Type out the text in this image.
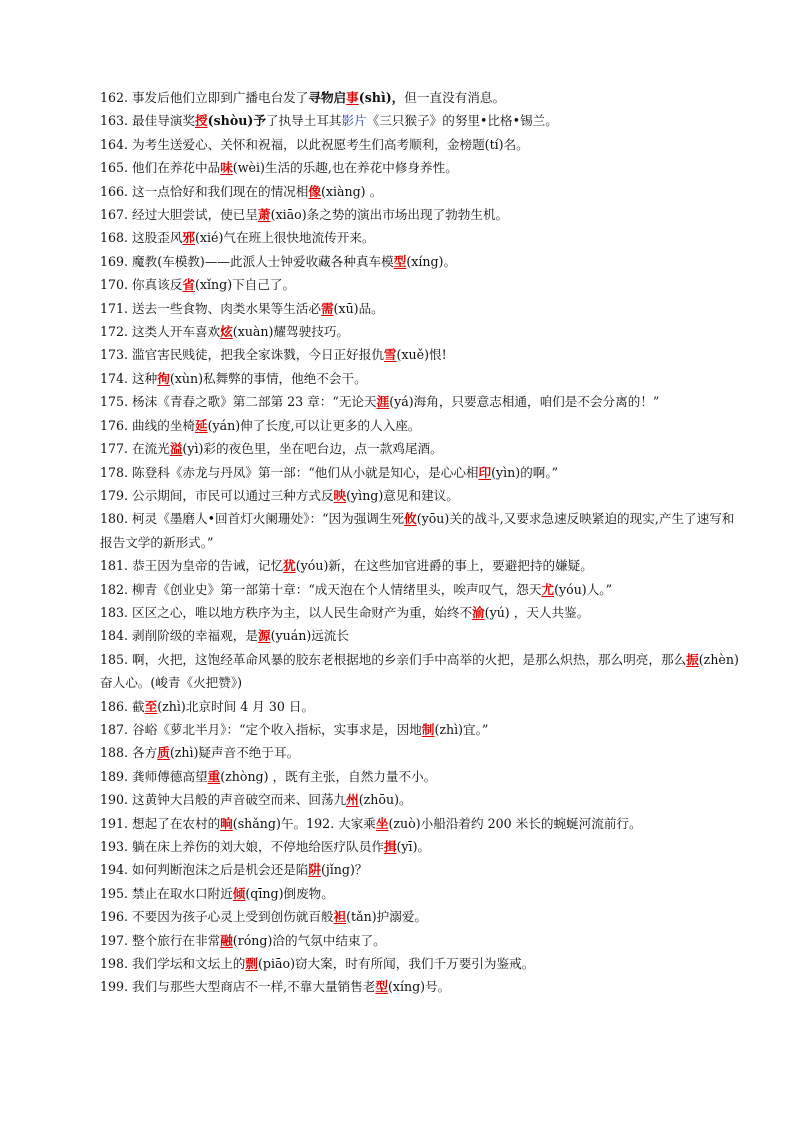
162. 事发后他们立即到广播电台发了寻物启事(shì)，但一直没有消息。

163. 最佳导演奖授(shòu)予了执导土耳其影片《三只猴子》的努里•比格•锡兰。

164. 为考生送爱心、关怀和祝福，以此祝愿考生们高考顺利，金榜题(tí)名。

165. 他们在养花中品味(wèi)生活的乐趣,也在养花中修身养性。

166. 这一点恰好和我们现在的情况相像(xiàng) 。

167. 经过大胆尝试，使已呈萧(xiāo)条之势的演出市场出现了勃勃生机。

168. 这股歪风邪(xié)气在班上很快地流传开来。

169. 魔教(车模教)——此派人士钟爱收藏各种真车模型(xíng)。

170. 你真该反省(xǐng)下自己了。

171. 送去一些食物、肉类水果等生活必需(xū)品。

172. 这类人开车喜欢炫(xuàn)耀驾驶技巧。

173. 滥官害民贱徒，把我全家诛戮，今日正好报仇雪(xuě)恨!

174. 这种徇(xùn)私舞弊的事情，他绝不会干。

175. 杨沫《青春之歌》第二部第 23 章：“无论天涯(yá)海角，只要意志相通，咱们是不会分离的！”

176. 曲线的坐椅延(yán)伸了长度,可以让更多的人入座。

177. 在流光溢(yì)彩的夜色里，坐在吧台边，点一款鸡尾酒。

178. 陈登科《赤龙与丹凤》第一部：“他们从小就是知心，是心心相印(yìn)的啊。”

179. 公示期间，市民可以通过三种方式反映(yìng)意见和建议。

180. 柯灵《墨磨人•回首灯火阑珊处》：“因为强调生死攸(yōu)关的战斗,又要求急速反映紧迫的现实,产生了速写和报告文学的新形式。”

181. 恭王因为皇帝的告诫，记忆犹(yóu)新，在这些加官进爵的事上，要避把持的嫌疑。

182. 柳青《创业史》第一部第十章：“成天泡在个人情绪里头，唉声叹气，怨天尤(yóu)人。”

183. 区区之心，唯以地方秩序为主，以人民生命财产为重，始终不渝(yú) ，天人共鉴。

184. 剥削阶级的幸福观，是源(yuán)远流长

185. 啊，火把，这饱经革命风暴的胶东老根据地的乡亲们手中高举的火把，是那么炽热，那么明亮，那么振(zhèn)奋人心。(峻青《火把赞》)

186. 截至(zhì)北京时间 4 月 30 日。

187. 谷峪《萝北半月》：“定个收入指标，实事求是，因地制(zhì)宜。”

188. 各方质(zhì)疑声音不绝于耳。

189. 龚师傅德高望重(zhòng) ，既有主张，自然力量不小。

190. 这黄钟大吕般的声音破空而来、回荡九州(zhōu)。

191. 想起了在农村的晌(shǎng)午。192. 大家乘坐(zuò)小船沿着约 200 米长的蜿蜒河流前行。

193. 躺在床上养伤的刘大娘，不停地给医疗队员作揖(yī)。

194. 如何判断泡沫之后是机会还是陷阱(jǐng)？

195. 禁止在取水口附近倾(qīng)倒废物。

196. 不要因为孩子心灵上受到创伤就百般袒(tǎn)护溺爱。

197. 整个旅行在非常融(róng)洽的气氛中结束了。

198. 我们学坛和文坛上的剽(piāo)窃大案，时有所闻，我们千万要引为鉴戒。

199. 我们与那些大型商店不一样,不靠大量销售老型(xíng)号。
